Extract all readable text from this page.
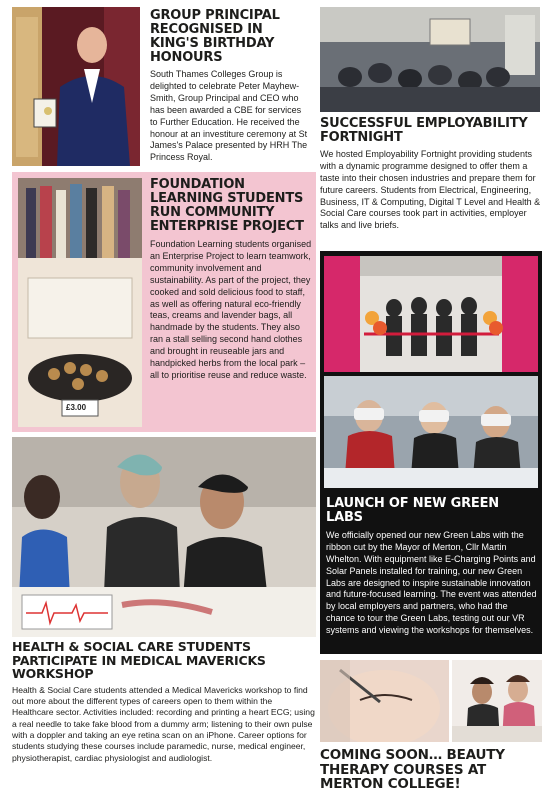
GROUP PRINCIPAL RECOGNISED IN KING'S BIRTHDAY HONOURS

South Thames Colleges Group is delighted to celebrate Peter Mayhew-Smith, Group Principal and CEO who has been awarded a CBE for services to Further Education. He received the honour at an investiture ceremony at St James's Palace presented by HRH The Princess Royal.

£3.00
FOUNDATION LEARNING STUDENTS RUN COMMUNITY ENTERPRISE PROJECT

Foundation Learning students organised an Enterprise Project to learn teamwork, community involvement and sustainability. As part of the project, they cooked and sold delicious food to staff, as well as offering natural eco-friendly teas, creams and lavender bags, all handmade by the students. They also ran a stall selling second hand clothes and brought in reuseable jars and handpicked herbs from the local park – all to prioritise reuse and reduce waste.

HEALTH & SOCIAL CARE STUDENTS PARTICIPATE IN MEDICAL MAVERICKS WORKSHOP

Health & Social Care students attended a Medical Mavericks workshop to find out more about the different types of careers open to them within the Healthcare sector. Activities included: recording and printing a heart ECG; using a real needle to take fake blood from a dummy arm; listening to their own pulse with a doppler and taking an eye retina scan on an iPhone. Career options for students studying these courses include paramedic, nurse, medical engineer, physiotherapist, cardiac physiologist and audiologist.

SUCCESSFUL EMPLOYABILITY FORTNIGHT

We hosted Employability Fortnight providing students with a dynamic programme designed to offer them a taste into their chosen industries and prepare them for future careers. Students from Electrical, Engineering, Business, IT & Computing, Digital T Level and Health & Social Care courses took part in activities, employer talks and live briefs.

LAUNCH OF NEW GREEN LABS

We officially opened our new Green Labs with the ribbon cut by the Mayor of Merton, Cllr Martin Whelton. With equipment like E-Charging Points and Solar Panels installed for training, our new Green Labs are designed to inspire sustainable innovation and future-focused learning. The event was attended by local employers and partners, who had the chance to tour the Green Labs, testing out our VR systems and viewing the workshops for themselves.

COMING SOON… BEAUTY THERAPY COURSES AT MERTON COLLEGE!
